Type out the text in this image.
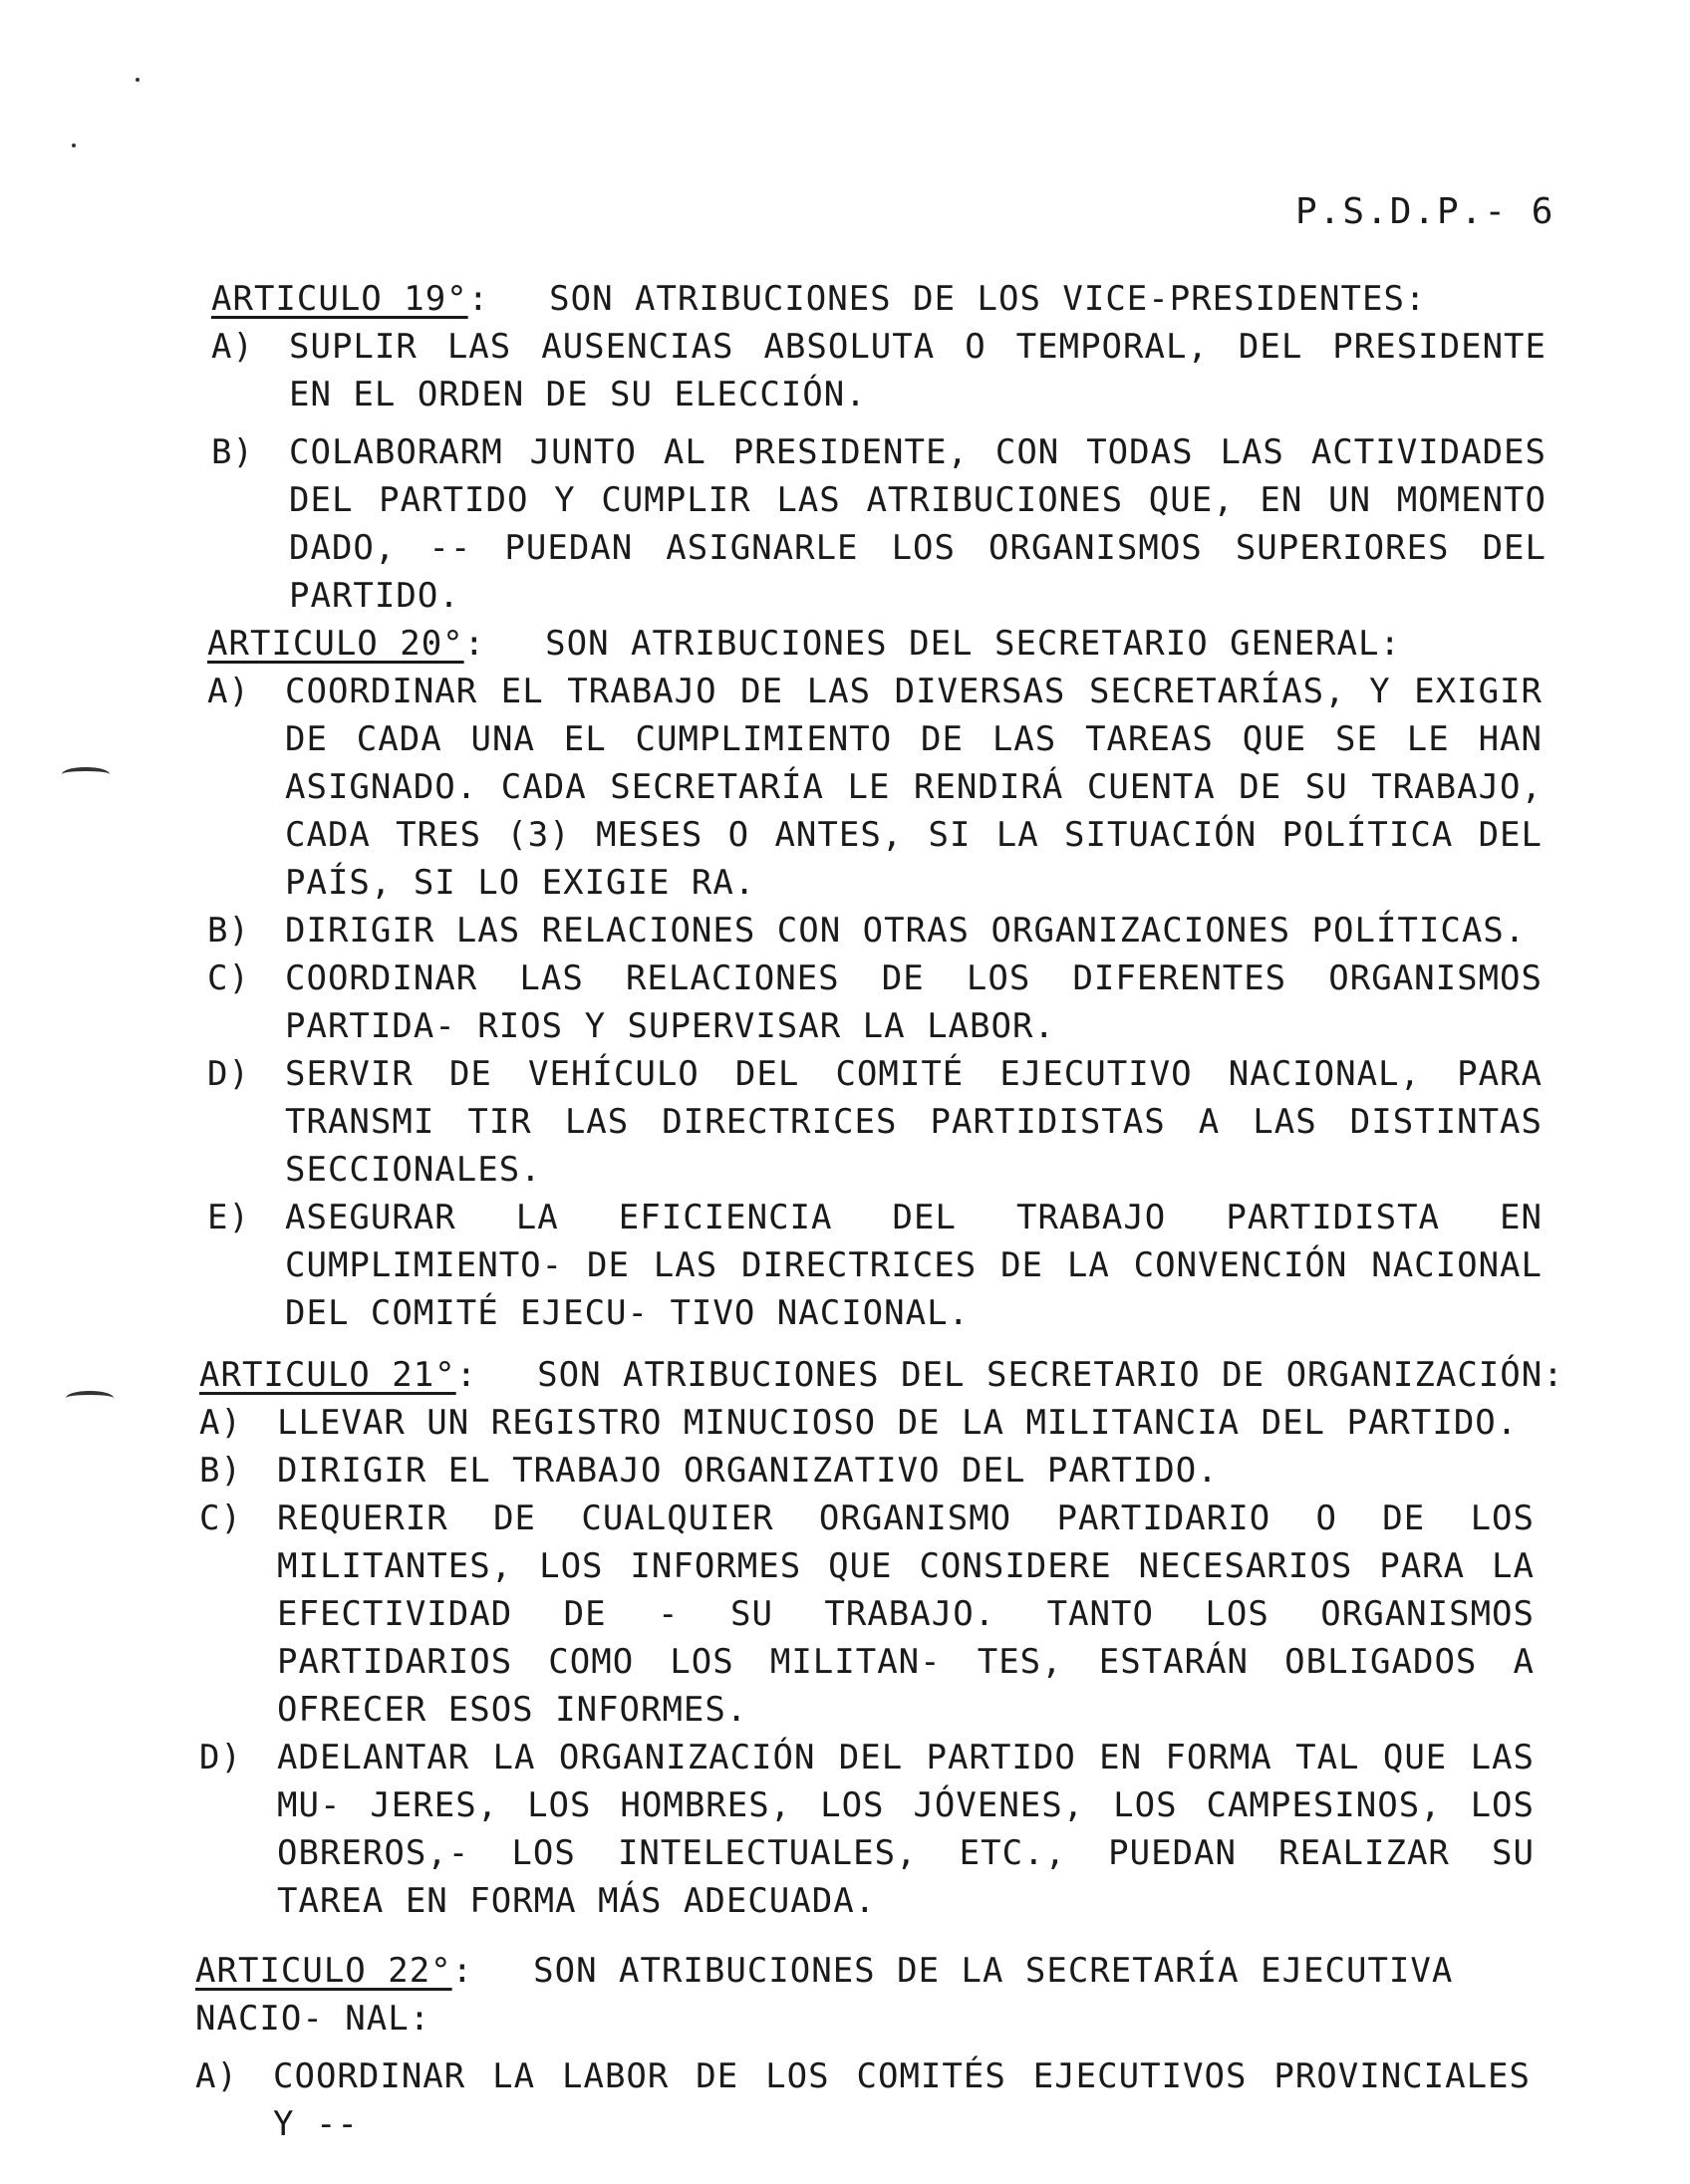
P.S.D.P.- 6
ARTICULO 19° : SON ATRIBUCIONES DE LOS VICE-PRESIDENTES:
A)	SUPLIR LAS AUSENCIAS ABSOLUTA O TEMPORAL, DEL PRESIDENTE EN EL ORDEN DE SU ELECCIÓN.
B)	COLABORARM JUNTO AL PRESIDENTE, CON TODAS LAS ACTIVIDADES DEL PARTIDO Y CUMPLIR LAS ATRIBUCIONES QUE, EN UN MOMENTO DADO, -- PUEDAN ASIGNARLE LOS ORGANISMOS SUPERIORES DEL PARTIDO.
ARTICULO 20° : SON ATRIBUCIONES DEL SECRETARIO GENERAL:
A)	COORDINAR EL TRABAJO DE LAS DIVERSAS SECRETARÍAS, Y EXIGIR DE CADA UNA EL CUMPLIMIENTO DE LAS TAREAS QUE SE LE HAN ASIGNADO. CADA SECRETARÍA LE RENDIRÁ CUENTA DE SU TRABAJO, CADA TRES (3) MESES O ANTES, SI LA SITUACIÓN POLÍTICA DEL PAÍS, SI LO EXIGIE RA.
B)	DIRIGIR LAS RELACIONES CON OTRAS ORGANIZACIONES POLÍTICAS.
C)	COORDINAR LAS RELACIONES DE LOS DIFERENTES ORGANISMOS PARTIDA- RIOS Y SUPERVISAR LA LABOR.
D)	SERVIR DE VEHÍCULO DEL COMITÉ EJECUTIVO NACIONAL, PARA TRANSMI TIR LAS DIRECTRICES PARTIDISTAS A LAS DISTINTAS SECCIONALES.
E)	ASEGURAR LA EFICIENCIA DEL TRABAJO PARTIDISTA EN CUMPLIMIENTO- DE LAS DIRECTRICES DE LA CONVENCIÓN NACIONAL DEL COMITÉ EJECU- TIVO NACIONAL.
ARTICULO 21° : SON ATRIBUCIONES DEL SECRETARIO DE ORGANIZACIÓN:
A)	LLEVAR UN REGISTRO MINUCIOSO DE LA MILITANCIA DEL PARTIDO.
B)	DIRIGIR EL TRABAJO ORGANIZATIVO DEL PARTIDO.
C)	REQUERIR DE CUALQUIER ORGANISMO PARTIDARIO O DE LOS MILITANTES, LOS INFORMES QUE CONSIDERE NECESARIOS PARA LA EFECTIVIDAD DE - SU TRABAJO. TANTO LOS ORGANISMOS PARTIDARIOS COMO LOS MILITAN- TES, ESTARÁN OBLIGADOS A OFRECER ESOS INFORMES.
D)	ADELANTAR LA ORGANIZACIÓN DEL PARTIDO EN FORMA TAL QUE LAS MU- JERES, LOS HOMBRES, LOS JÓVENES, LOS CAMPESINOS, LOS OBREROS,- LOS INTELECTUALES, ETC., PUEDAN REALIZAR SU TAREA EN FORMA MÁS ADECUADA.
ARTICULO 22°: SON ATRIBUCIONES DE LA SECRETARÍA EJECUTIVA NACIO- NAL:
A)	COORDINAR LA LABOR DE LOS COMITÉS EJECUTIVOS PROVINCIALES Y --
